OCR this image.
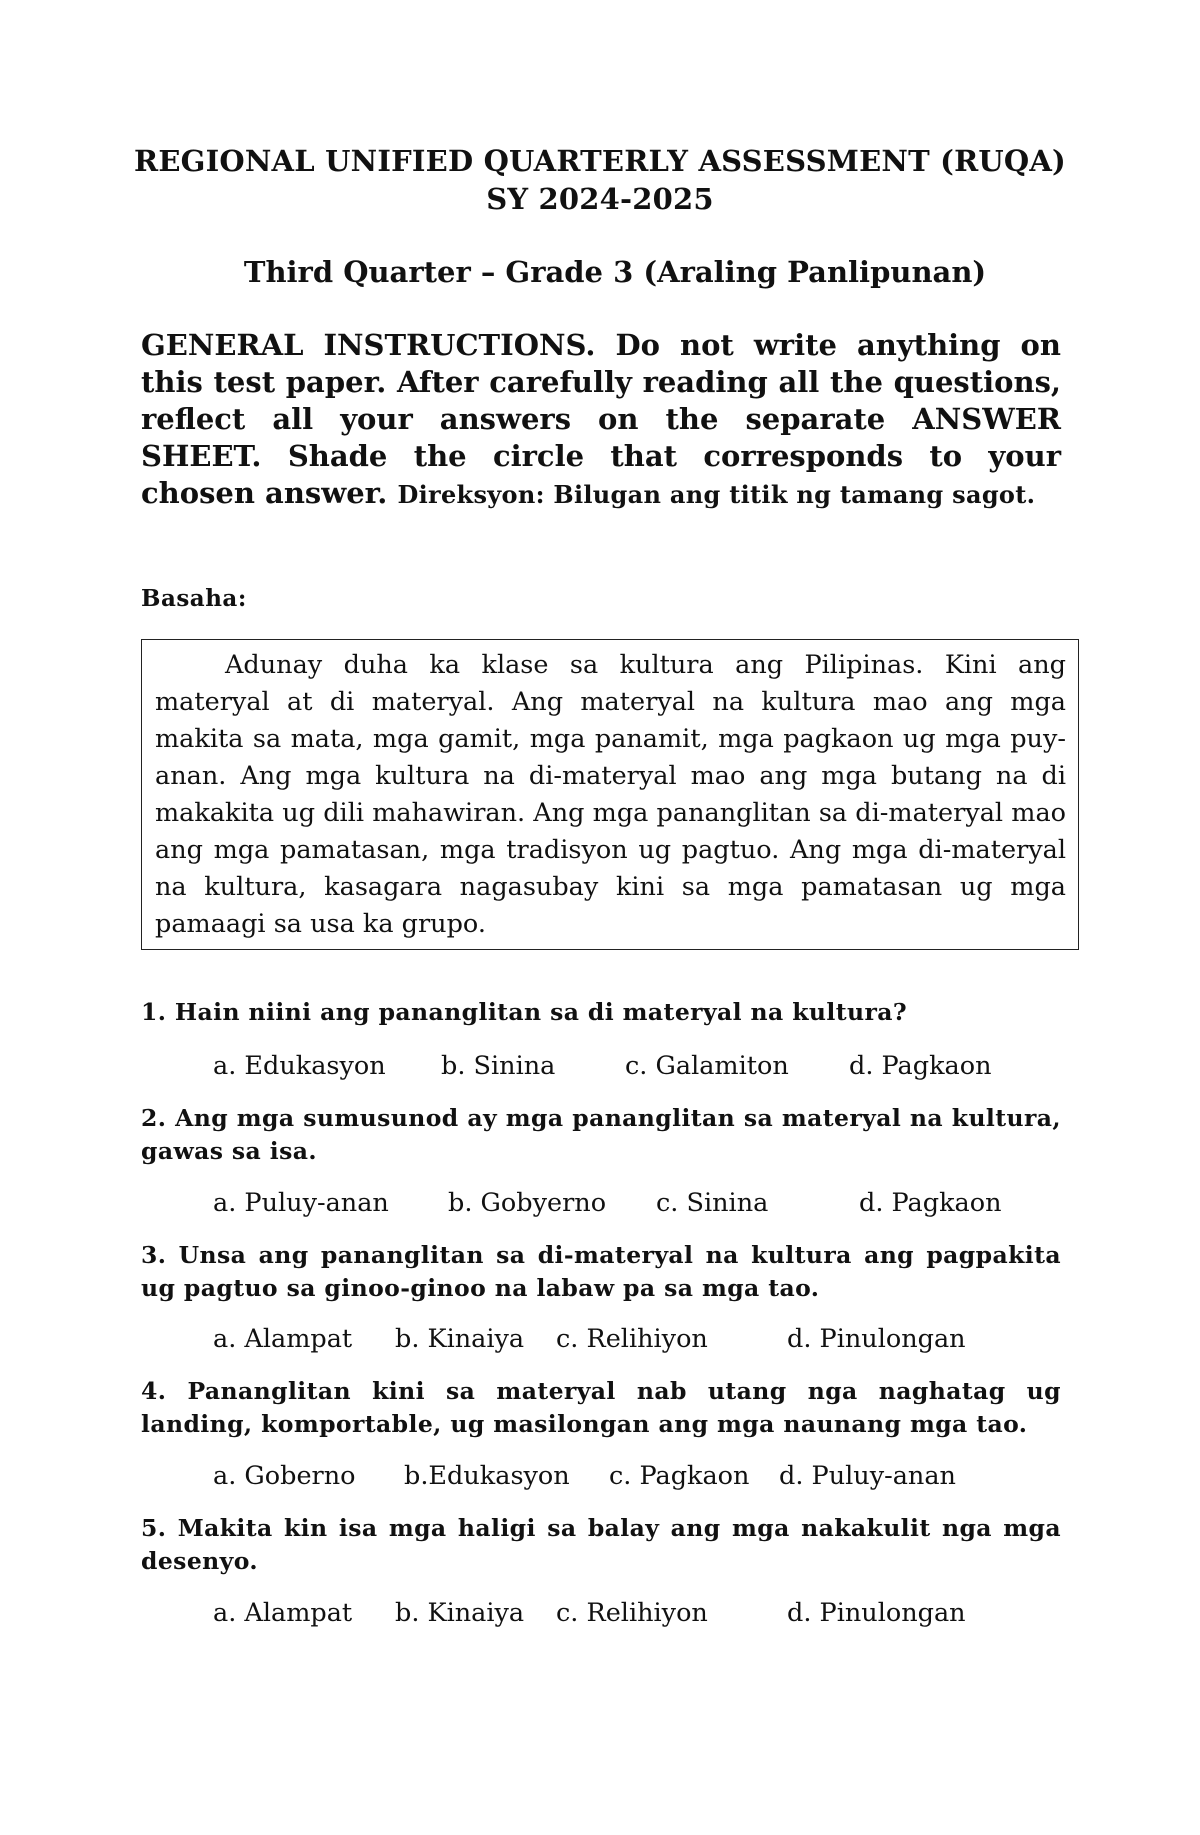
REGIONAL UNIFIED QUARTERLY ASSESSMENT (RUQA)
SY 2024-2025
Third Quarter – Grade 3 (Araling Panlipunan)
GENERAL INSTRUCTIONS. Do not write anything on this test paper. After carefully reading all the questions, reflect all your answers on the separate ANSWER SHEET. Shade the circle that corresponds to your chosen answer. Direksyon: Bilugan ang titik ng tamang sagot.
Basaha:

Adunay duha ka klase sa kultura ang Pilipinas. Kini ang materyal at di materyal. Ang materyal na kultura mao ang mga makita sa mata, mga gamit, mga panamit, mga pagkaon ug mga puy-anan. Ang mga kultura na di-materyal mao ang mga butang na di makakita ug dili mahawiran. Ang mga pananglitan sa di-materyal mao ang mga pamatasan, mga tradisyon ug pagtuo. Ang mga di-materyal na kultura, kasagara nagasubay kini sa mga pamatasan ug mga pamaagi sa usa ka grupo.

1. Hain niini ang pananglitan sa di materyal na kultura?
a. Edukasyon b. Sinina	c. Galamiton d. Pagkaon
2. Ang mga sumusunod ay mga pananglitan sa materyal na kultura, gawas sa isa.
a. Puluy-anan b. Gobyerno c. Sinina	d. Pagkaon
3. Unsa ang pananglitan sa di-materyal na kultura ang pagpakita ug pagtuo sa ginoo-ginoo na labaw pa sa mga tao.
a. Alampat b. Kinaiya c. Relihiyon	d. Pinulongan
4. Pananglitan kini sa materyal nab utang nga naghatag ug landing, komportable, ug masilongan ang mga naunang mga tao.
a. Goberno b.Edukasyon c. Pagkaon d. Puluy-anan
5. Makita kin isa mga haligi sa balay ang mga nakakulit nga mga desenyo.
a. Alampat b. Kinaiya c. Relihiyon	d. Pinulongan
